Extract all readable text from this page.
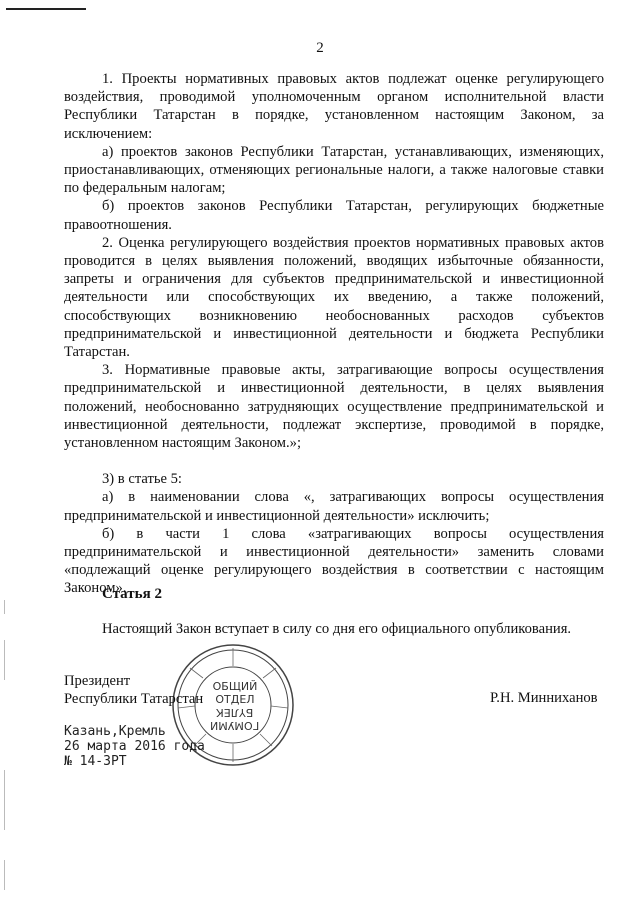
2

1. Проекты нормативных правовых актов подлежат оценке регулирующего воздействия, проводимой уполномоченным органом исполнительной власти Республики Татарстан в порядке, установленном настоящим Законом, за исключением:

а) проектов законов Республики Татарстан, устанавливающих, изменяющих, приостанавливающих, отменяющих региональные налоги, а также налоговые ставки по федеральным налогам;

б) проектов законов Республики Татарстан, регулирующих бюджетные правоотношения.

2. Оценка регулирующего воздействия проектов нормативных правовых актов проводится в целях выявления положений, вводящих избыточные обязанности, запреты и ограничения для субъектов предпринимательской и инвестиционной деятельности или способствующих их введению, а также положений, способствующих возникновению необоснованных расходов субъектов предпринимательской и инвестиционной деятельности и бюджета Республики Татарстан.

3. Нормативные правовые акты, затрагивающие вопросы осуществления предпринимательской и инвестиционной деятельности, в целях выявления положений, необоснованно затрудняющих осуществление предпринимательской и инвестиционной деятельности, подлежат экспертизе, проводимой в порядке, установленном настоящим Законом.»;

3) в статье 5:

а) в наименовании слова «, затрагивающих вопросы осуществления предпринимательской и инвестиционной деятельности» исключить;

б) в части 1 слова «затрагивающих вопросы осуществления предпринимательской и инвестиционной деятельности» заменить словами «подлежащий оценке регулирующего воздействия в соответствии с настоящим Законом».

Статья 2

Настоящий Закон вступает в силу со дня его официального опубликования.

ОБЩИЙ
ОТДЕЛ
БҮЛЕК
ГОМУМИ
Президент
Республики Татарстан	Р.Н. Минниханов
Казань,Кремль
26 марта 2016 года
№ 14-ЗРТ
